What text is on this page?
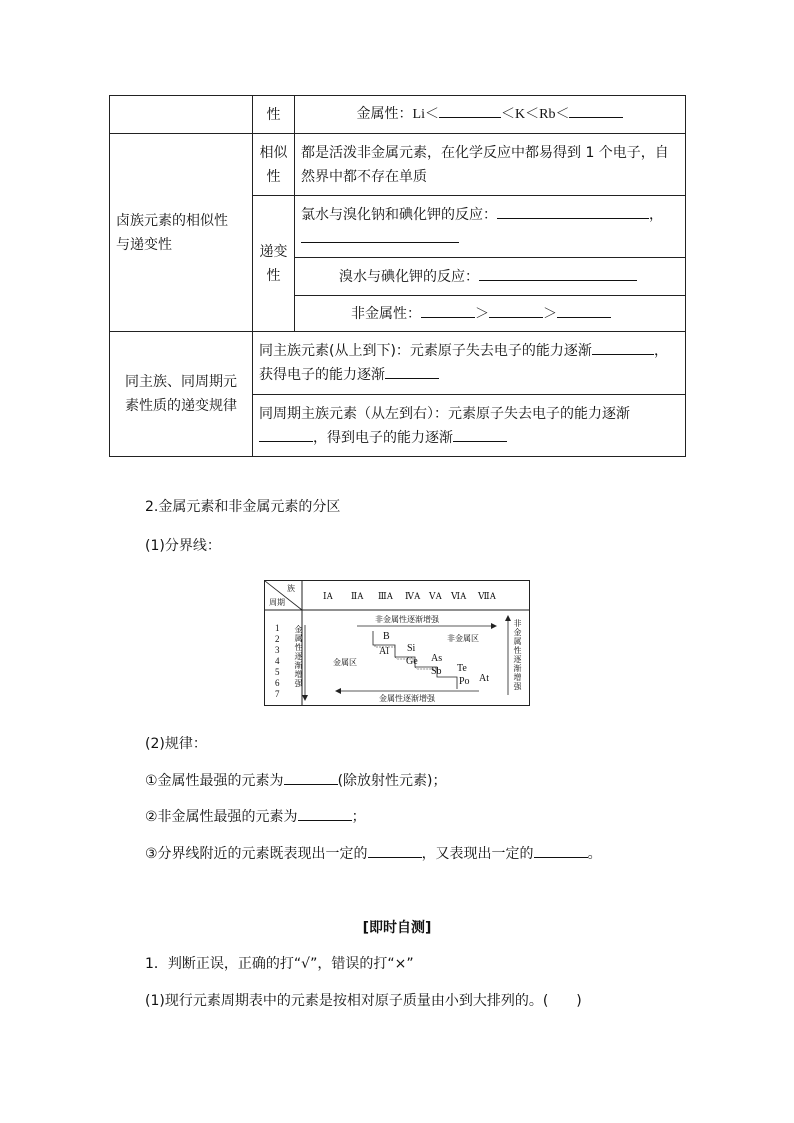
	性	金属性：Li＜ ＜K＜Rb＜
卤族元素的相似性与递变性	相似性	都是活泼非金属元素，在化学反应中都易得到 1 个电子，自然界中都不存在单质
	递变性	氯水与溴化钠和碘化钾的反应： ，

		溴水与碘化钾的反应：
		非金属性： ＞ ＞
同主族、同周期元素性质的递变规律	同主族元素(从上到下)：元素原子失去电子的能力逐渐 ，获得电子的能力逐渐	
	同周期主族元素（从左到右）：元素原子失去电子的能力逐渐
，得到电子的能力逐渐	
2.金属元素和非金属元素的分区
(1)分界线：
族
周期
ⅠA ⅡA ⅢA ⅣA ⅤA ⅥA ⅦA
1
2
3
4
5
6
7
非金属性逐渐增强
金属性逐渐增强
金属性逐渐增强
非金属性逐渐增强
金属区
非金属区
B
Al Si
Ge As
Sb Te
Po At
(2)规律：
①金属性最强的元素为	(除放射性元素)；
②非金属性最强的元素为	；
③分界线附近的元素既表现出一定的	，又表现出一定的	。
[即时自测]
1．判断正误，正确的打“√”，错误的打“×”
(1)现行元素周期表中的元素是按相对原子质量由小到大排列的。(　　)
